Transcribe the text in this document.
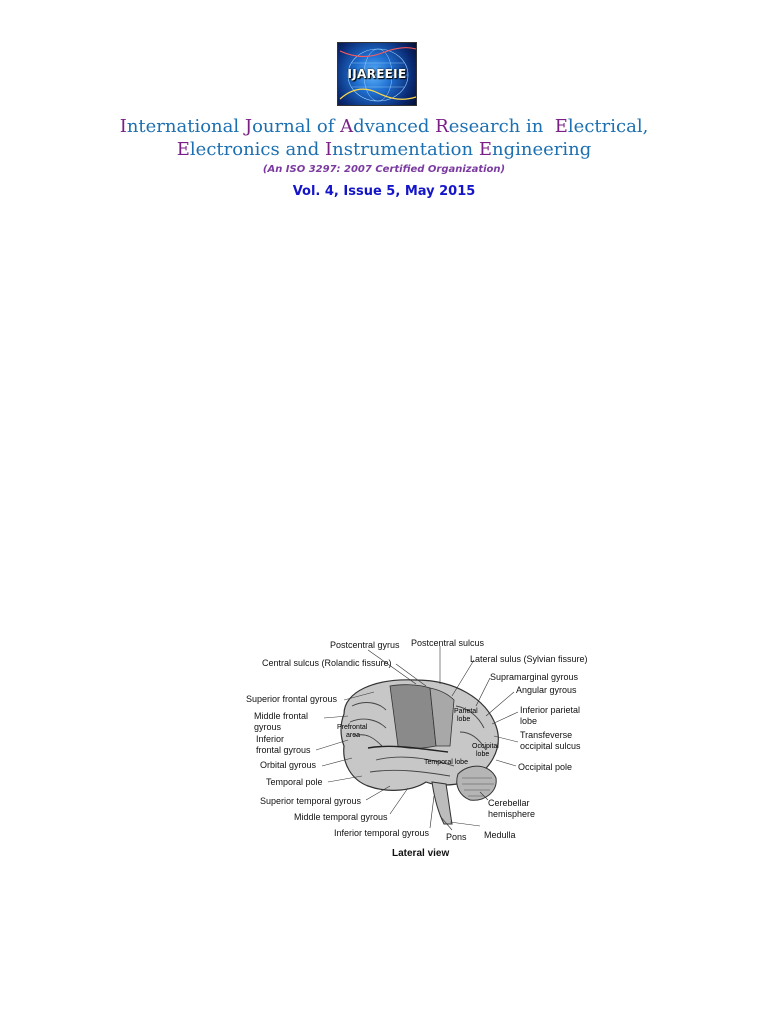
IJAREEIE
International Journal of Advanced Research in  Electrical,
Electronics and Instrumentation Engineering
(An ISO 3297: 2007 Certified Organization)
Vol. 4, Issue 5, May 2015
Prefrontal
area
Parietal
lobe
Occipital
lobe
Temporal lobe
Postcentral gyrus Postcentral sulcus
Central sulcus (Rolandic fissure)	Lateral sulus (Sylvian fissure)
Supramarginal gyrous
Angular gyrous
Superior frontal gyrous
Middle frontal
gyrous
Inferior parietal
lobe
Inferior
frontal gyrous
Transfeverse
occipital sulcus
Orbital gyrous	Occipital pole
Temporal pole
Superior temporal gyrous	Cerebellar
hemisphere
Middle temporal gyrous
Inferior temporal gyrous Pons Medulla
Lateral view
